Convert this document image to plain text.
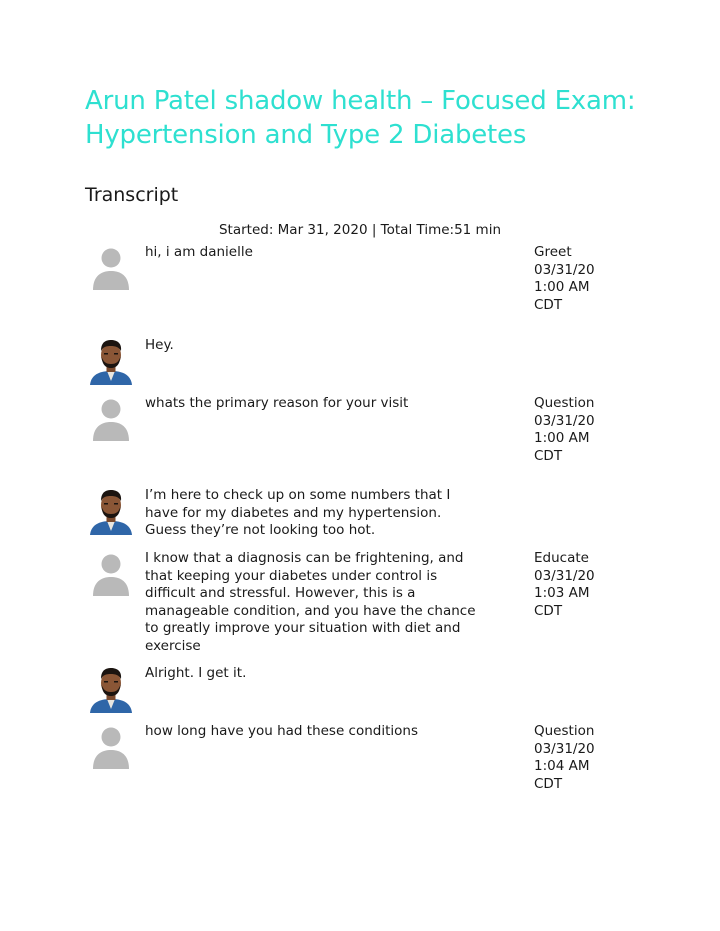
Arun Patel shadow health – Focused Exam: Hypertension and Type 2 Diabetes
Transcript
Started: Mar 31, 2020 | Total Time:51 min
hi, i am danielle	Greet
03/31/20
1:00 AM
CDT
Hey.
whats the primary reason for your visit	Question
03/31/20
1:00 AM
CDT
I’m here to check up on some numbers that I
have for my diabetes and my hypertension.
Guess they’re not looking too hot.
I know that a diagnosis can be frightening, and
that keeping your diabetes under control is
difficult and stressful. However, this is a
manageable condition, and you have the chance
to greatly improve your situation with diet and
exercise
Educate
03/31/20
1:03 AM
CDT
Alright. I get it.
how long have you had these conditions	Question
03/31/20
1:04 AM
CDT
